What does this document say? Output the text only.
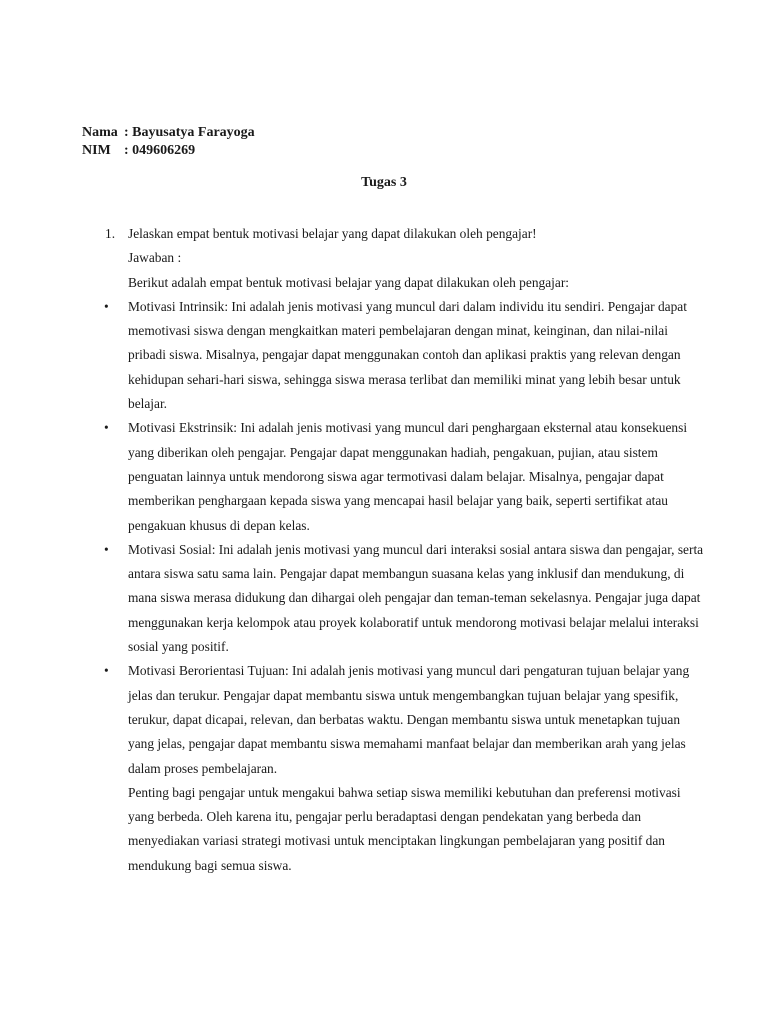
Nama : Bayusatya Farayoga
NIM : 049606269
Tugas 3

1. Jelaskan empat bentuk motivasi belajar yang dapat dilakukan oleh pengajar!

Jawaban :

Berikut adalah empat bentuk motivasi belajar yang dapat dilakukan oleh pengajar:

• Motivasi Intrinsik: Ini adalah jenis motivasi yang muncul dari dalam individu itu sendiri. Pengajar dapat memotivasi siswa dengan mengkaitkan materi pembelajaran dengan minat, keinginan, dan nilai-nilai pribadi siswa. Misalnya, pengajar dapat menggunakan contoh dan aplikasi praktis yang relevan dengan kehidupan sehari-hari siswa, sehingga siswa merasa terlibat dan memiliki minat yang lebih besar untuk belajar.

• Motivasi Ekstrinsik: Ini adalah jenis motivasi yang muncul dari penghargaan eksternal atau konsekuensi yang diberikan oleh pengajar. Pengajar dapat menggunakan hadiah, pengakuan, pujian, atau sistem penguatan lainnya untuk mendorong siswa agar termotivasi dalam belajar. Misalnya, pengajar dapat memberikan penghargaan kepada siswa yang mencapai hasil belajar yang baik, seperti sertifikat atau pengakuan khusus di depan kelas.

• Motivasi Sosial: Ini adalah jenis motivasi yang muncul dari interaksi sosial antara siswa dan pengajar, serta antara siswa satu sama lain. Pengajar dapat membangun suasana kelas yang inklusif dan mendukung, di mana siswa merasa didukung dan dihargai oleh pengajar dan teman-teman sekelasnya. Pengajar juga dapat menggunakan kerja kelompok atau proyek kolaboratif untuk mendorong motivasi belajar melalui interaksi sosial yang positif.

• Motivasi Berorientasi Tujuan: Ini adalah jenis motivasi yang muncul dari pengaturan tujuan belajar yang jelas dan terukur. Pengajar dapat membantu siswa untuk mengembangkan tujuan belajar yang spesifik, terukur, dapat dicapai, relevan, dan berbatas waktu. Dengan membantu siswa untuk menetapkan tujuan yang jelas, pengajar dapat membantu siswa memahami manfaat belajar dan memberikan arah yang jelas dalam proses pembelajaran.

Penting bagi pengajar untuk mengakui bahwa setiap siswa memiliki kebutuhan dan preferensi motivasi yang berbeda. Oleh karena itu, pengajar perlu beradaptasi dengan pendekatan yang berbeda dan menyediakan variasi strategi motivasi untuk menciptakan lingkungan pembelajaran yang positif dan mendukung bagi semua siswa.
